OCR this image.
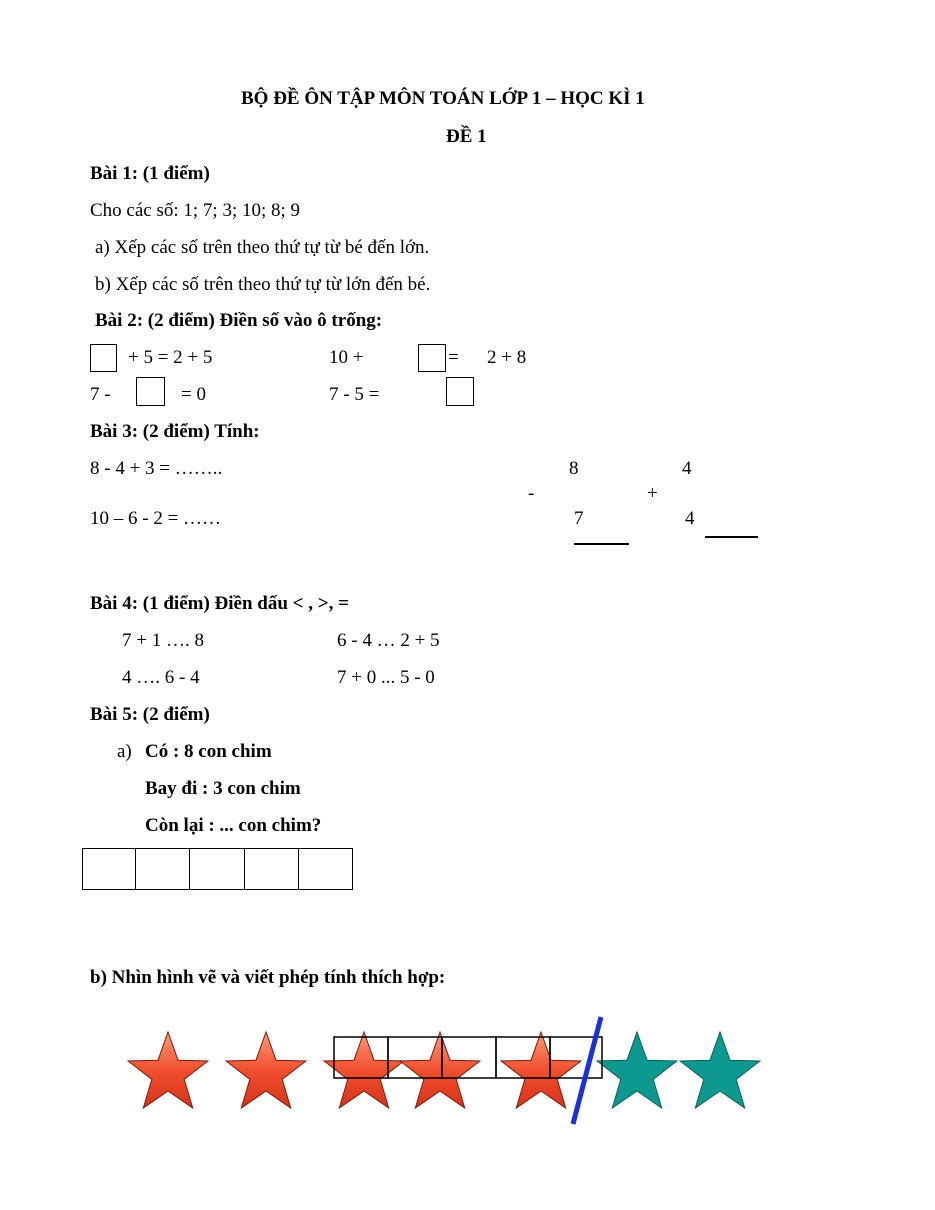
BỘ ĐỀ ÔN TẬP MÔN TOÁN LỚP 1 – HỌC KÌ 1
ĐỀ 1
Bài 1: (1 điểm)
Cho các số: 1; 7; 3; 10; 8; 9
a) Xếp các số trên theo thứ tự từ bé đến lớn.
b) Xếp các số trên theo thứ tự từ lớn đến bé.
Bài 2: (2 điểm) Điền số vào ô trống:
+ 5 = 2 + 5	10 +	= 2 + 8
7 -	= 0	7 - 5 =
Bài 3: (2 điểm) Tính:
8 - 4 + 3 = ……..
10 – 6 - 2 = ……
8
-
7
4
+
4
Bài 4: (1 điểm) Điền dấu < , >, =
7 + 1 …. 8	6 - 4 … 2 + 5
4 …. 6 - 4	7 + 0 ... 5 - 0
Bài 5: (2 điểm)
a) Có : 8 con chim
Bay đi : 3 con chim
Còn lại : ... con chim?
b) Nhìn hình vẽ và viết phép tính thích hợp:
